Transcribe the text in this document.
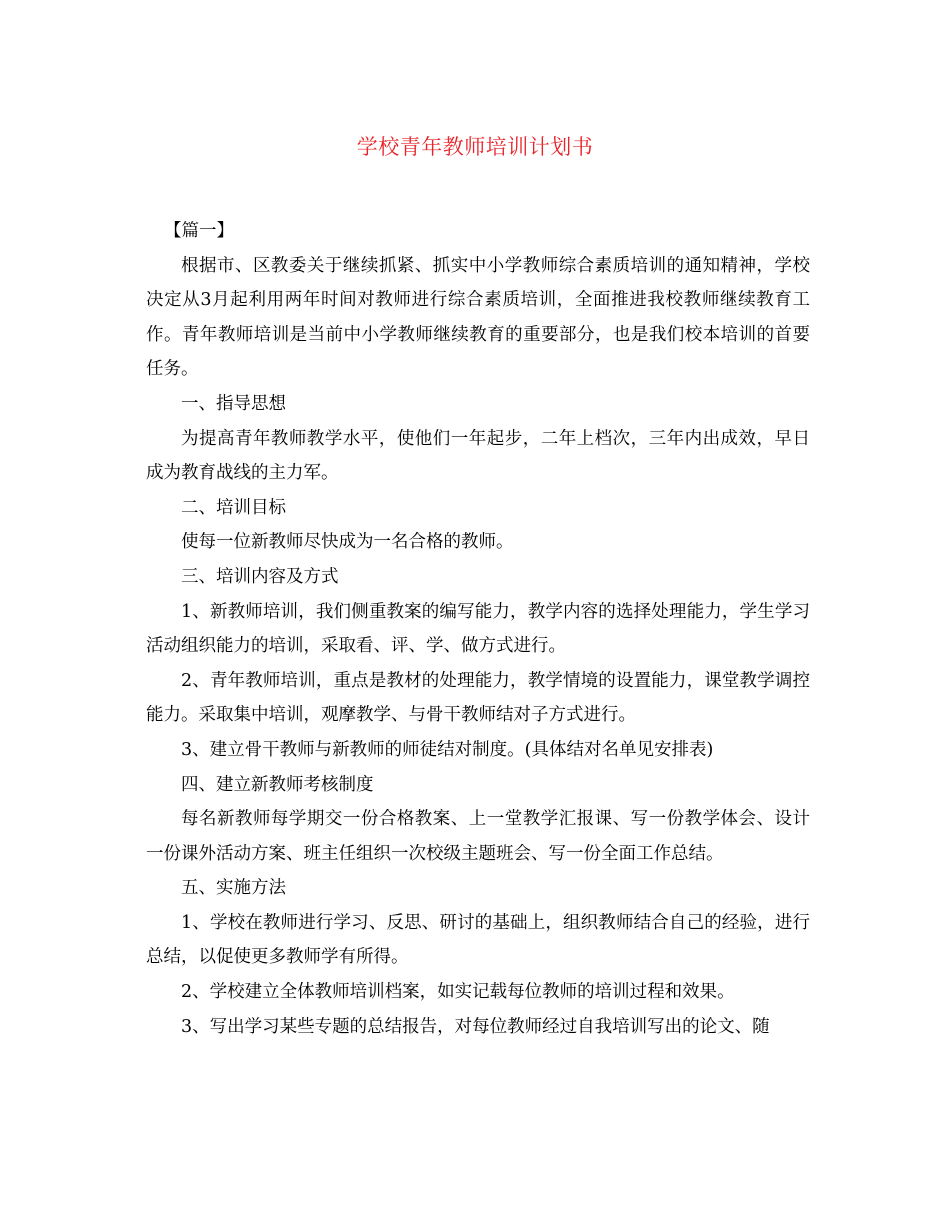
学校青年教师培训计划书

【篇一】

根据市、区教委关于继续抓紧、抓实中小学教师综合素质培训的通知精神，学校决定从3月起利用两年时间对教师进行综合素质培训，全面推进我校教师继续教育工作。青年教师培训是当前中小学教师继续教育的重要部分，也是我们校本培训的首要任务。

一、指导思想

为提高青年教师教学水平，使他们一年起步，二年上档次，三年内出成效，早日成为教育战线的主力军。

二、培训目标

使每一位新教师尽快成为一名合格的教师。

三、培训内容及方式

1、新教师培训，我们侧重教案的编写能力，教学内容的选择处理能力，学生学习活动组织能力的培训，采取看、评、学、做方式进行。

2、青年教师培训，重点是教材的处理能力，教学情境的设置能力，课堂教学调控能力。采取集中培训，观摩教学、与骨干教师结对子方式进行。

3、建立骨干教师与新教师的师徒结对制度。(具体结对名单见安排表)

四、建立新教师考核制度

每名新教师每学期交一份合格教案、上一堂教学汇报课、写一份教学体会、设计一份课外活动方案、班主任组织一次校级主题班会、写一份全面工作总结。

五、实施方法

1、学校在教师进行学习、反思、研讨的基础上，组织教师结合自己的经验，进行总结，以促使更多教师学有所得。

2、学校建立全体教师培训档案，如实记载每位教师的培训过程和效果。

3、写出学习某些专题的总结报告，对每位教师经过自我培训写出的论文、随
